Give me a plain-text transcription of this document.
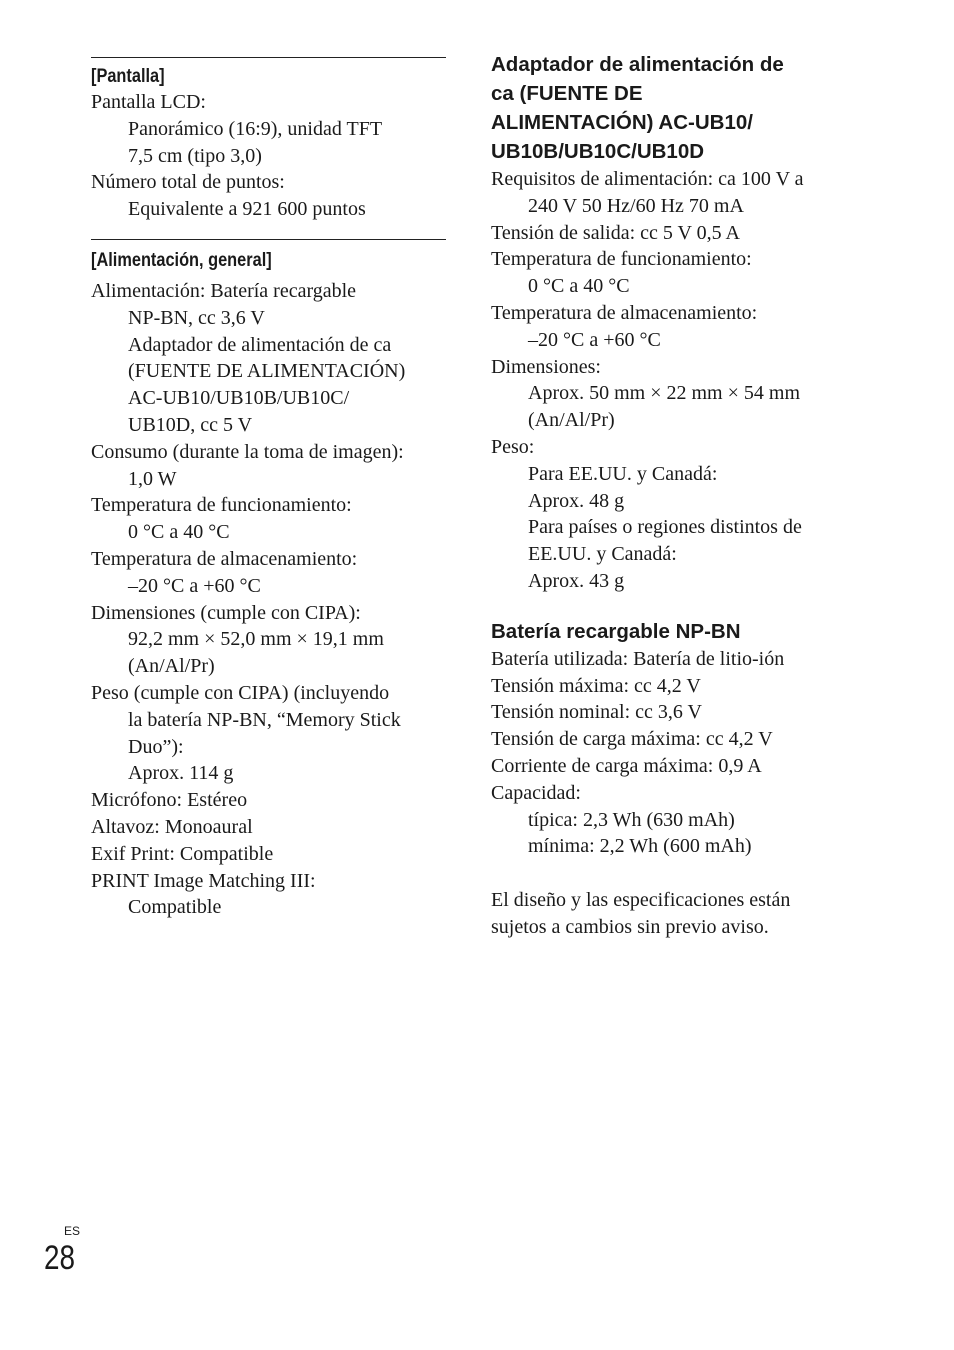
[Pantalla]
Pantalla LCD:
Panorámico (16:9), unidad TFT
7,5 cm (tipo 3,0)
Número total de puntos:
Equivalente a 921 600 puntos
[Alimentación, general]
Alimentación: Batería recargable
NP-BN, cc 3,6 V
Adaptador de alimentación de ca
(FUENTE DE ALIMENTACIÓN)
AC-UB10/UB10B/UB10C/
UB10D, cc 5 V
Consumo (durante la toma de imagen):
1,0 W
Temperatura de funcionamiento:
0 °C a 40 °C
Temperatura de almacenamiento:
–20 °C a +60 °C
Dimensiones (cumple con CIPA):
92,2 mm × 52,0 mm × 19,1 mm
(An/Al/Pr)
Peso (cumple con CIPA) (incluyendo
la batería NP-BN, “Memory Stick
Duo”):
Aprox. 114 g
Micrófono: Estéreo
Altavoz: Monoaural
Exif Print: Compatible
PRINT Image Matching III:
Compatible
Adaptador de alimentación de
ca (FUENTE DE
ALIMENTACIÓN) AC-UB10/
UB10B/UB10C/UB10D
Requisitos de alimentación: ca 100 V a
240 V 50 Hz/60 Hz 70 mA
Tensión de salida: cc 5 V 0,5 A
Temperatura de funcionamiento:
0 °C a 40 °C
Temperatura de almacenamiento:
–20 °C a +60 °C
Dimensiones:
Aprox. 50 mm × 22 mm × 54 mm
(An/Al/Pr)
Peso:
Para EE.UU. y Canadá:
Aprox. 48 g
Para países o regiones distintos de
EE.UU. y Canadá:
Aprox. 43 g
Batería recargable NP-BN
Batería utilizada: Batería de litio-ión
Tensión máxima: cc 4,2 V
Tensión nominal: cc 3,6 V
Tensión de carga máxima: cc 4,2 V
Corriente de carga máxima: 0,9 A
Capacidad:
típica: 2,3 Wh (630 mAh)
mínima: 2,2 Wh (600 mAh)
El diseño y las especificaciones están
sujetos a cambios sin previo aviso.
ES
28
